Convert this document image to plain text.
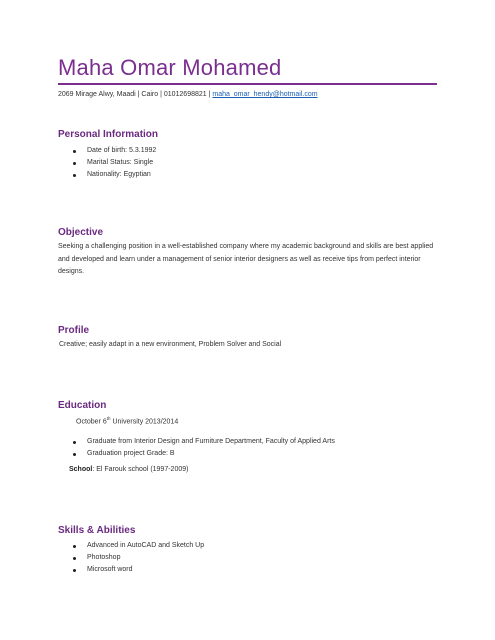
Maha Omar Mohamed
2069 Mirage Alwy, Maadi | Cairo | 01012698821 | maha_omar_hendy@hotmail.com
Personal Information
Date of birth: 5.3.1992
Marital Status: Single
Nationality: Egyptian
Objective
Seeking a challenging position in a well-established company where my academic background and skills are best applied and developed and learn under a management of senior interior designers as well as receive tips from perfect interior designs.
Profile
Creative; easily adapt in a new environment, Problem Solver and Social
Education
October 6th University 2013/2014
Graduate from Interior Design and Furniture Department, Faculty of Applied Arts
Graduation project Grade: B
School: El Farouk school (1997-2009)
Skills & Abilities
Advanced in AutoCAD and Sketch Up
Photoshop
Microsoft word
